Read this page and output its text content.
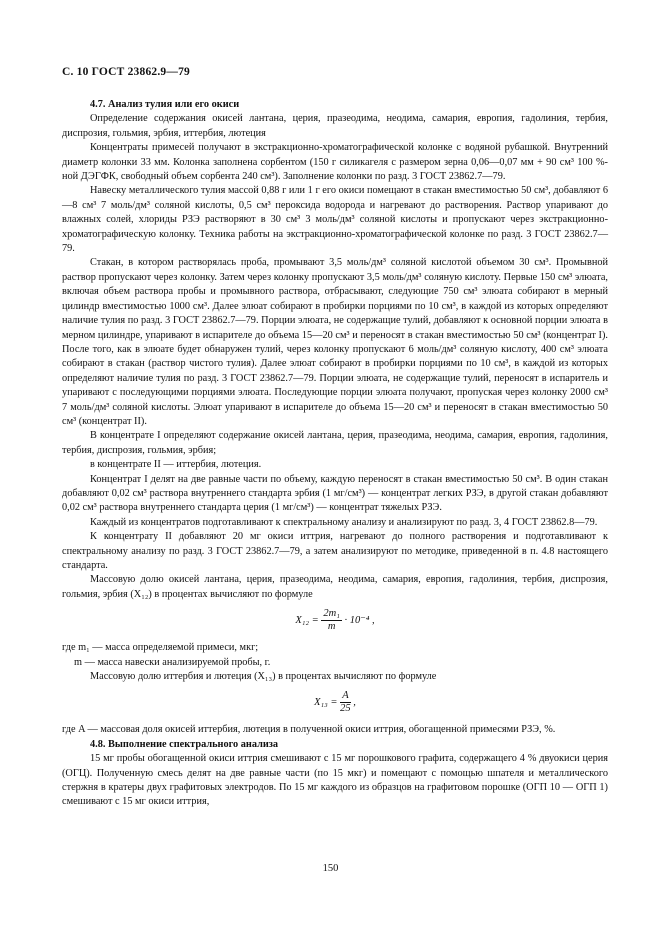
С. 10 ГОСТ 23862.9—79

4.7. Анализ тулия или его окиси

Определение содержания окисей лантана, церия, празеодима, неодима, самария, европия, гадолиния, тербия, диспрозия, гольмия, эрбия, иттербия, лютеция

Концентраты примесей получают в экстракционно-хроматографической колонке с водяной рубашкой. Внутренний диаметр колонки 33 мм. Колонка заполнена сорбентом (150 г силикагеля с размером зерна 0,06—0,07 мм + 90 см³ 100 %-ной ДЭГФК, свободный объем сорбента 240 см³). Заполнение колонки по разд. 3 ГОСТ 23862.7—79.

Навеску металлического тулия массой 0,88 г или 1 г его окиси помещают в стакан вместимостью 50 см³, добавляют 6—8 см³ 7 моль/дм³ соляной кислоты, 0,5 см³ пероксида водорода и нагревают до растворения. Раствор упаривают до влажных солей, хлориды РЗЭ растворяют в 30 см³ 3 моль/дм³ соляной кислоты и пропускают через экстракционно-хроматографическую колонку. Техника работы на экстракционно-хроматографической колонке по разд. 3 ГОСТ 23862.7—79.

Стакан, в котором растворялась проба, промывают 3,5 моль/дм³ соляной кислотой объемом 30 см³. Промывной раствор пропускают через колонку. Затем через колонку пропускают 3,5 моль/дм³ соляную кислоту. Первые 150 см³ элюата, включая объем раствора пробы и промывного раствора, отбрасывают, следующие 750 см³ элюата собирают в мерный цилиндр вместимостью 1000 см³. Далее элюат собирают в пробирки порциями по 10 см³, в каждой из которых определяют наличие тулия по разд. 3 ГОСТ 23862.7—79. Порции элюата, не содержащие тулий, добавляют к основной порции элюата в мерном цилиндре, упаривают в испарителе до объема 15—20 см³ и переносят в стакан вместимостью 50 см³ (концентрат I). После того, как в элюате будет обнаружен тулий, через колонку пропускают 6 моль/дм³ соляную кислоту, 400 см³ элюата собирают в стакан (раствор чистого тулия). Далее элюат собирают в пробирки порциями по 10 см³, в каждой из которых определяют наличие тулия по разд. 3 ГОСТ 23862.7—79. Порции элюата, не содержащие тулий, переносят в испаритель и упаривают с последующими порциями элюата. Последующие порции элюата получают, пропуская через колонку 2000 см³ 7 моль/дм³ соляной кислоты. Элюат упаривают в испарителе до объема 15—20 см³ и переносят в стакан вместимостью 50 см³ (концентрат II).

В концентрате I определяют содержание окисей лантана, церия, празеодима, неодима, самария, европия, гадолиния, тербия, диспрозия, гольмия, эрбия;

в концентрате II — иттербия, лютеция.

Концентрат I делят на две равные части по объему, каждую переносят в стакан вместимостью 50 см³. В один стакан добавляют 0,02 см³ раствора внутреннего стандарта эрбия (1 мг/см³) — концентрат легких РЗЭ, в другой стакан добавляют 0,02 см³ раствора внутреннего стандарта церия (1 мг/см³) — концентрат тяжелых РЗЭ.

Каждый из концентратов подготавливают к спектральному анализу и анализируют по разд. 3, 4 ГОСТ 23862.8—79.

К концентрату II добавляют 20 мг окиси иттрия, нагревают до полного растворения и подготавливают к спектральному анализу по разд. 3 ГОСТ 23862.7—79, а затем анализируют по методике, приведенной в п. 4.8 настоящего стандарта.

Массовую долю окисей лантана, церия, празеодима, неодима, самария, европия, гадолиния, тербия, диспрозия, гольмия, эрбия (X₁₂) в процентах вычисляют по формуле

$X_{12} = \frac{\text{2m₁}}{m} \cdot 10^{-4}$ ,

где m₁ — масса определяемой примеси, мкг;

m — масса навески анализируемой пробы, г.

Массовую долю иттербия и лютеция (X₁₃) в процентах вычисляют по формуле

$X_{13} = \frac{A}{25}$ ,

где A — массовая доля окисей иттербия, лютеция в полученной окиси иттрия, обогащенной примесями РЗЭ, %.

4.8. Выполнение спектрального анализа

15 мг пробы обогащенной окиси иттрия смешивают с 15 мг порошкового графита, содержащего 4 % двуокиси церия (ОГЦ). Полученную смесь делят на две равные части (по 15 мкг) и помещают с помощью шпателя и металлического стержня в кратеры двух графитовых электродов. По 15 мг каждого из образцов на графитовом порошке (ОГП 10 — ОГП 1) смешивают с 15 мг окиси иттрия,

150
